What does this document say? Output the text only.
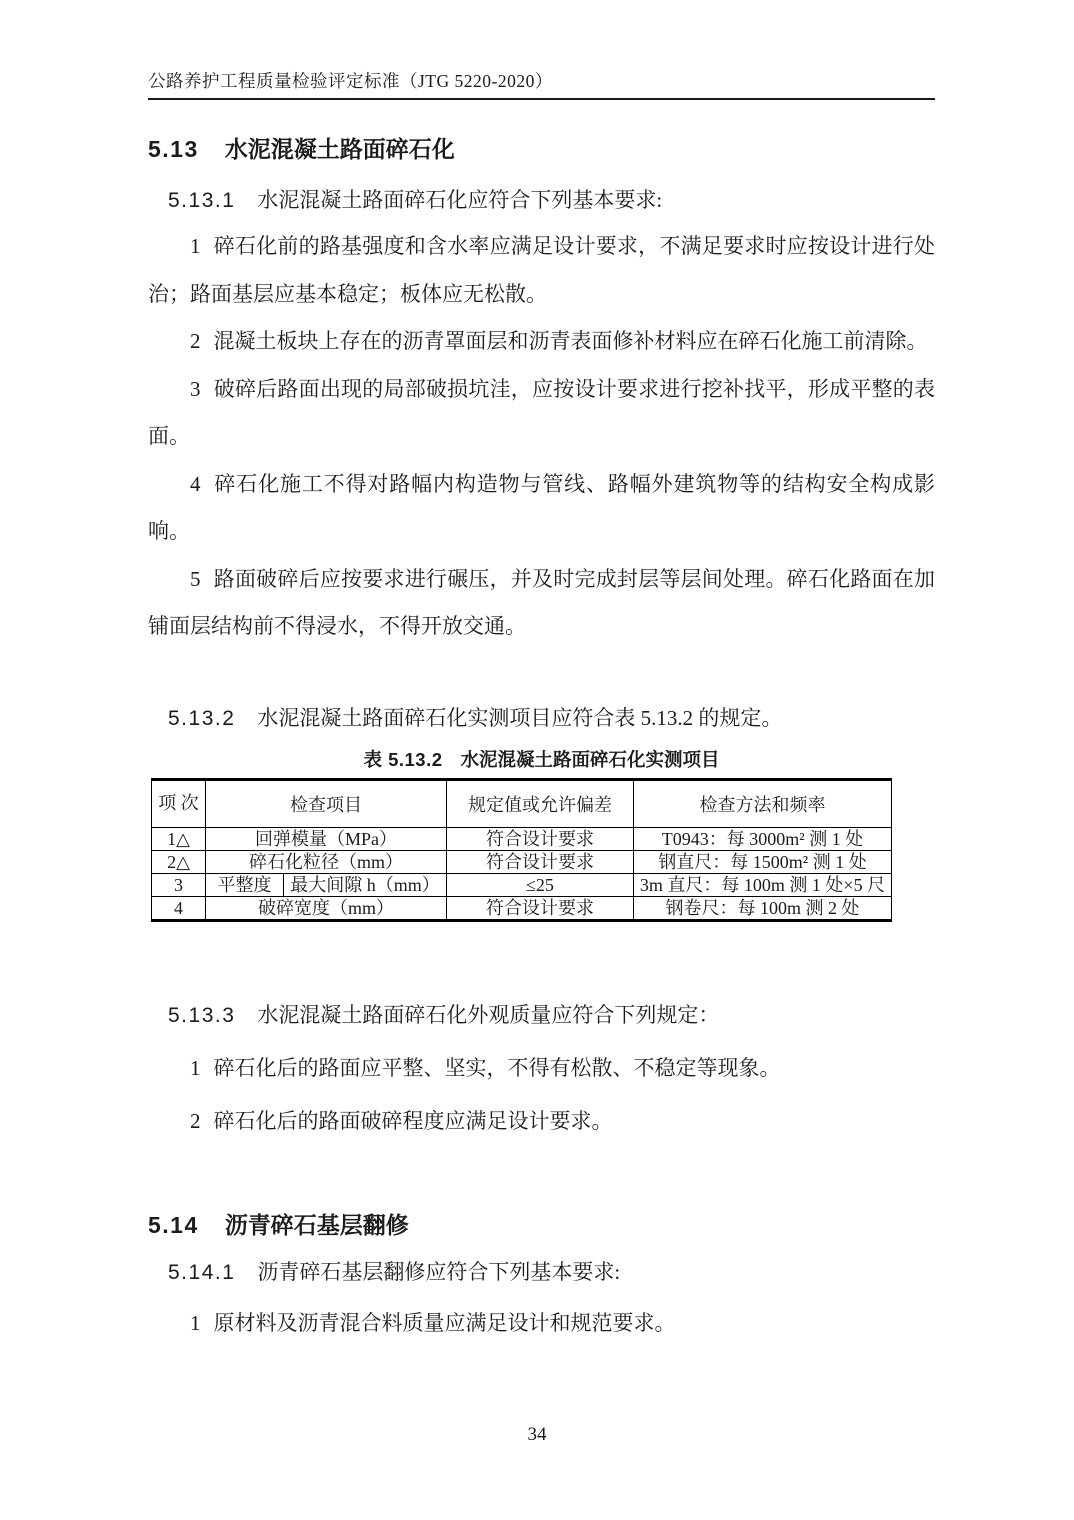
公路养护工程质量检验评定标准（JTG 5220-2020）
5.13 水泥混凝土路面碎石化
5.13.1 水泥混凝土路面碎石化应符合下列基本要求:

1 碎石化前的路基强度和含水率应满足设计要求，不满足要求时应按设计进行处治；路面基层应基本稳定；板体应无松散。

2 混凝土板块上存在的沥青罩面层和沥青表面修补材料应在碎石化施工前清除。

3 破碎后路面出现的局部破损坑洼，应按设计要求进行挖补找平，形成平整的表面。

4 碎石化施工不得对路幅内构造物与管线、路幅外建筑物等的结构安全构成影响。

5 路面破碎后应按要求进行碾压，并及时完成封层等层间处理。碎石化路面在加铺面层结构前不得浸水，不得开放交通。

5.13.2 水泥混凝土路面碎石化实测项目应符合表 5.13.2 的规定。
表 5.13.2 水泥混凝土路面碎石化实测项目
项 次	检查项目		规定值或允许偏差	检查方法和频率
1△	回弹模量（MPa）		符合设计要求	T0943：每 3000m² 测 1 处
2△	碎石化粒径（mm）		符合设计要求	钢直尺：每 1500m² 测 1 处
3	平整度	最大间隙 h（mm）	≤25	3m 直尺：每 100m 测 1 处×5 尺
4	破碎宽度（mm）		符合设计要求	钢卷尺：每 100m 测 2 处
5.13.3 水泥混凝土路面碎石化外观质量应符合下列规定：

1 碎石化后的路面应平整、坚实，不得有松散、不稳定等现象。

2 碎石化后的路面破碎程度应满足设计要求。

5.14 沥青碎石基层翻修
5.14.1 沥青碎石基层翻修应符合下列基本要求:

1 原材料及沥青混合料质量应满足设计和规范要求。

34
